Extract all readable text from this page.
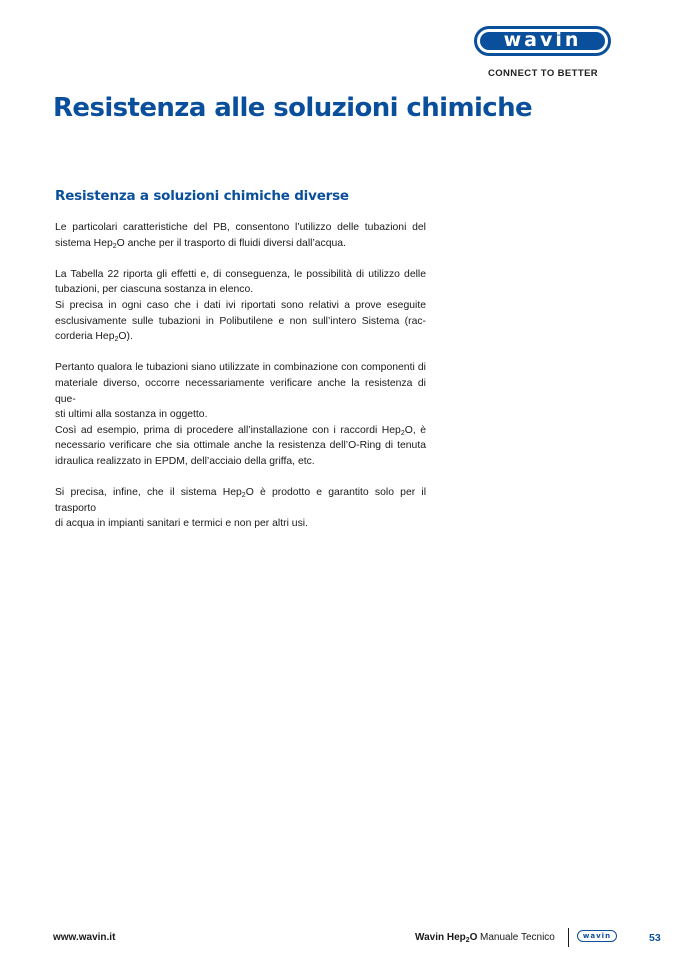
wavin
CONNECT TO BETTER
Resistenza alle soluzioni chimiche
Resistenza a soluzioni chimiche diverse

Le particolari caratteristiche del PB, consentono l’utilizzo delle tubazioni del
sistema Hep$_2$O anche per il trasporto di fluidi diversi dall’acqua.

La Tabella 22 riporta gli effetti e, di conseguenza, le possibilità di utilizzo delle
tubazioni, per ciascuna sostanza in elenco.
Si precisa in ogni caso che i dati ivi riportati sono relativi a prove eseguite
esclusivamente sulle tubazioni in Polibutilene e non sull’intero Sistema (rac-
corderia Hep$_2$O).

Pertanto qualora le tubazioni siano utilizzate in combinazione con componenti di
materiale diverso, occorre necessariamente verificare anche la resistenza di que-
sti ultimi alla sostanza in oggetto.
Così ad esempio, prima di procedere all’installazione con i raccordi Hep$_2$O, è
necessario verificare che sia ottimale anche la resistenza dell’O-Ring di tenuta
idraulica realizzato in EPDM, dell’acciaio della griffa, etc.

Si precisa, infine, che il sistema Hep$_2$O è prodotto e garantito solo per il trasporto
di acqua in impianti sanitari e termici e non per altri usi.

www.wavin.it	Wavin Hep$_2$O Manuale Tecnico	wavin	53
